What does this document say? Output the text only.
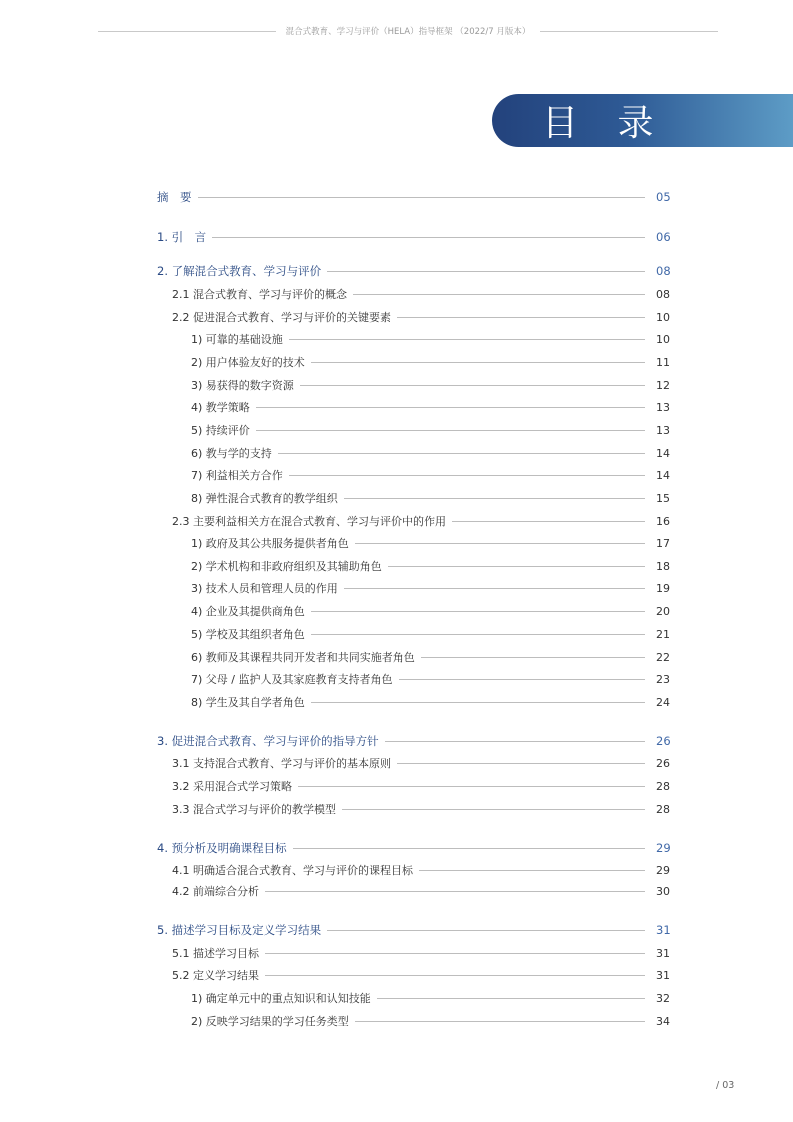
混合式教育、学习与评价（HELA）指导框架 （2022/7 月版本）
目 录
摘　要	05
1. 引　言	06
2. 了解混合式教育、学习与评价	08
2.1 混合式教育、学习与评价的概念	08
2.2 促进混合式教育、学习与评价的关键要素	10
1) 可靠的基础设施	10
2) 用户体验友好的技术	11
3) 易获得的数字资源	12
4) 教学策略	13
5) 持续评价	13
6) 教与学的支持	14
7) 利益相关方合作	14
8) 弹性混合式教育的教学组织	15
2.3 主要利益相关方在混合式教育、学习与评价中的作用	16
1) 政府及其公共服务提供者角色	17
2) 学术机构和非政府组织及其辅助角色	18
3) 技术人员和管理人员的作用	19
4) 企业及其提供商角色	20
5) 学校及其组织者角色	21
6) 教师及其课程共同开发者和共同实施者角色	22
7) 父母 / 监护人及其家庭教育支持者角色	23
8) 学生及其自学者角色	24
3. 促进混合式教育、学习与评价的指导方针	26
3.1 支持混合式教育、学习与评价的基本原则	26
3.2 采用混合式学习策略	28
3.3 混合式学习与评价的教学模型	28
4. 预分析及明确课程目标	29
4.1 明确适合混合式教育、学习与评价的课程目标	29
4.2 前端综合分析	30
5. 描述学习目标及定义学习结果	31
5.1 描述学习目标	31
5.2 定义学习结果	31
1) 确定单元中的重点知识和认知技能	32
2) 反映学习结果的学习任务类型	34
/ 03
